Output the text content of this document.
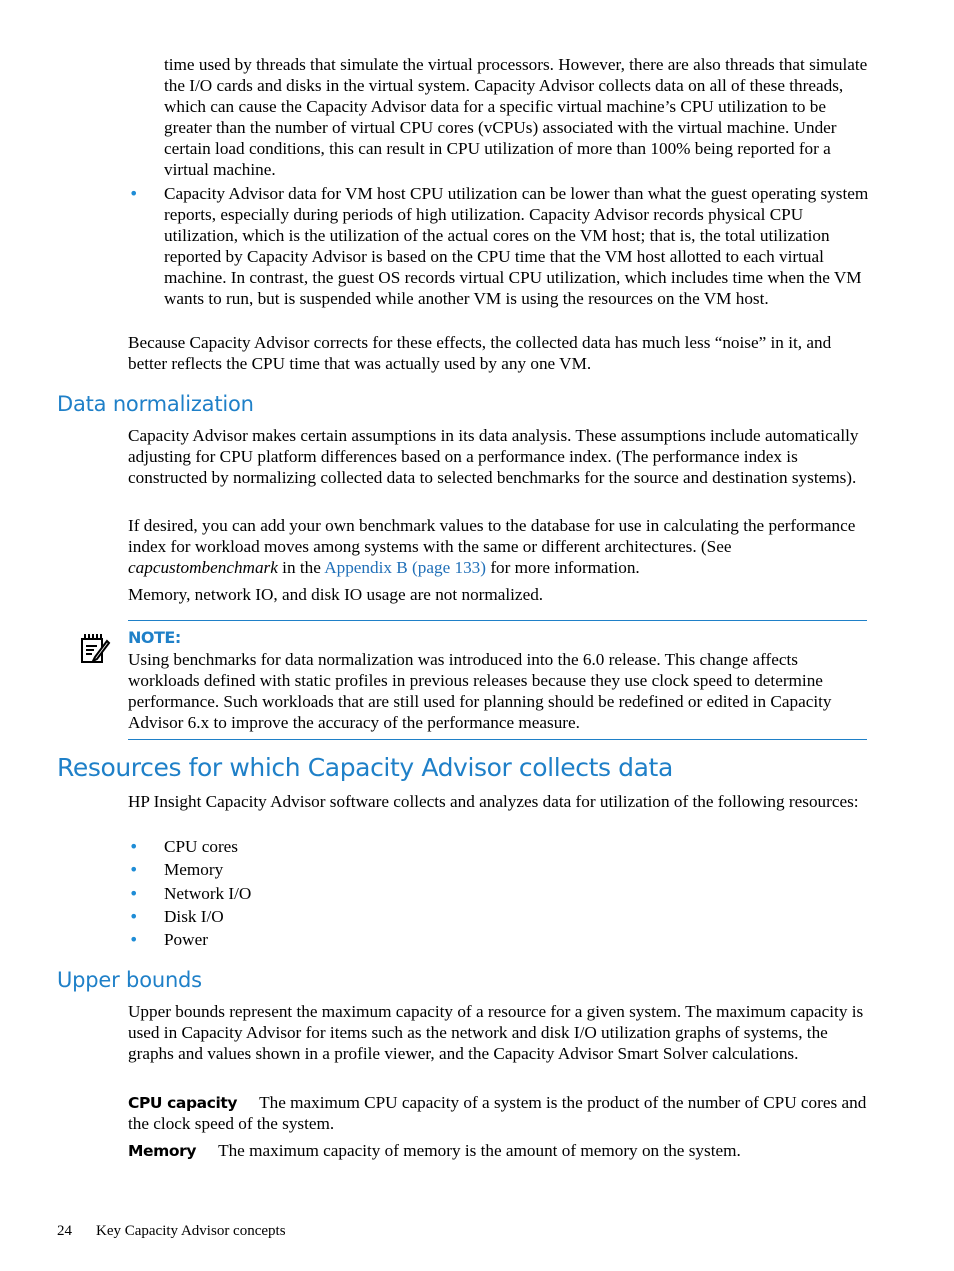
time used by threads that simulate the virtual processors. However, there are also threads that simulate the I/O cards and disks in the virtual system. Capacity Advisor collects data on all of these threads, which can cause the Capacity Advisor data for a specific virtual machine’s CPU utilization to be greater than the number of virtual CPU cores (vCPUs) associated with the virtual machine. Under certain load conditions, this can result in CPU utilization of more than 100% being reported for a virtual machine.

• Capacity Advisor data for VM host CPU utilization can be lower than what the guest operating system reports, especially during periods of high utilization. Capacity Advisor records physical CPU utilization, which is the utilization of the actual cores on the VM host; that is, the total utilization reported by Capacity Advisor is based on the CPU time that the VM host allotted to each virtual machine. In contrast, the guest OS records virtual CPU utilization, which includes time when the VM wants to run, but is suspended while another VM is using the resources on the VM host.

Because Capacity Advisor corrects for these effects, the collected data has much less “noise” in it, and better reflects the CPU time that was actually used by any one VM.

Data normalization

Capacity Advisor makes certain assumptions in its data analysis. These assumptions include automatically adjusting for CPU platform differences based on a performance index. (The performance index is constructed by normalizing collected data to selected benchmarks for the source and destination systems).

If desired, you can add your own benchmark values to the database for use in calculating the performance index for workload moves among systems with the same or different architectures. (See capcustombenchmark in the Appendix B (page 133) for more information.

Memory, network IO, and disk IO usage are not normalized.

NOTE:

Using benchmarks for data normalization was introduced into the 6.0 release. This change affects workloads defined with static profiles in previous releases because they use clock speed to determine performance. Such workloads that are still used for planning should be redefined or edited in Capacity Advisor 6.x to improve the accuracy of the performance measure.

Resources for which Capacity Advisor collects data

HP Insight Capacity Advisor software collects and analyzes data for utilization of the following resources:

• CPU cores
• Memory
• Network I/O
• Disk I/O
• Power
Upper bounds

Upper bounds represent the maximum capacity of a resource for a given system. The maximum capacity is used in Capacity Advisor for items such as the network and disk I/O utilization graphs of systems, the graphs and values shown in a profile viewer, and the Capacity Advisor Smart Solver calculations.

CPU capacity The maximum CPU capacity of a system is the product of the number of CPU cores and the clock speed of the system.

Memory The maximum capacity of memory is the amount of memory on the system.

24 Key Capacity Advisor concepts
